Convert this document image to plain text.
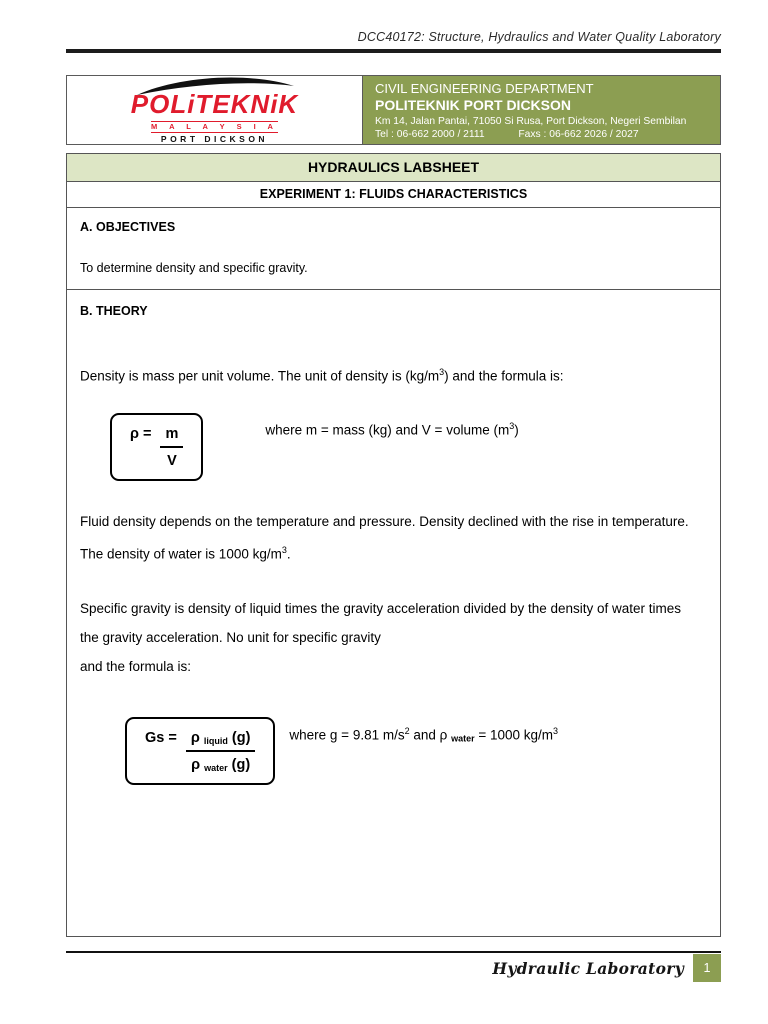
DCC40172: Structure, Hydraulics and Water Quality Laboratory
POLiTEKNiK
M A L A Y S I A
PORT DICKSON
CIVIL ENGINEERING DEPARTMENT
POLITEKNIK PORT DICKSON
Km 14, Jalan Pantai, 71050 Si Rusa, Port Dickson, Negeri Sembilan
Tel : 06-662 2000 / 2111	Faxs : 06-662 2026 / 2027
HYDRAULICS LABSHEET
EXPERIMENT 1: FLUIDS CHARACTERISTICS
A. OBJECTIVES
To determine density and specific gravity.
B. THEORY
Density is mass per unit volume. The unit of density is $(kg/m^3)$ and the formula is:
$\rho = \frac{m}{V}$	where m = mass (kg) and V = volume $(m^3)$
Fluid density depends on the temperature and pressure. Density declined with the rise in temperature. The density of water is 1000 $kg/m^3$.
Specific gravity is density of liquid times the gravity acceleration divided by the density of water times the gravity acceleration. No unit for specific gravity
and the formula is:
$Gs = \frac{\rho _{liquid} (g)}{\rho _{water} (g)}$	where g = 9.81 $m/s^2$ and ρ $_{water}$ = 1000 $kg/m^3$
Hydraulic Laboratory	1
